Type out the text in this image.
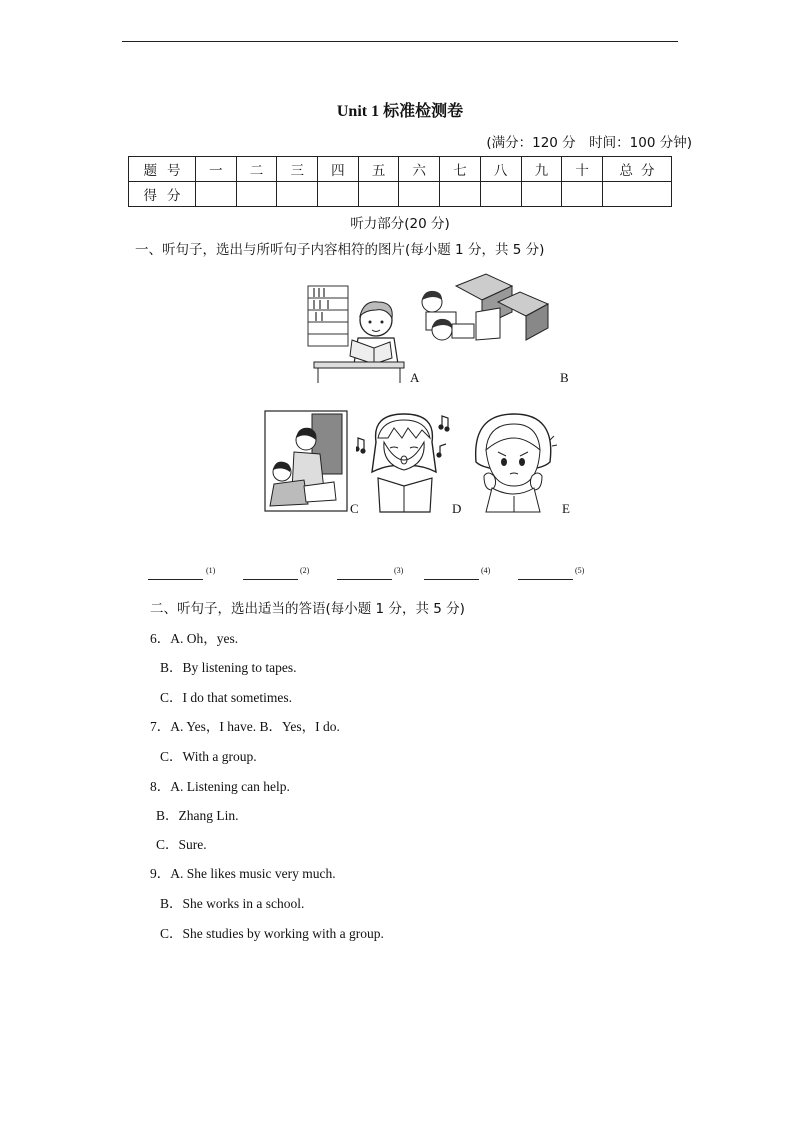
Unit 1 标准检测卷
(满分：120 分　时间：100 分钟)
题号	一	二	三	四	五	六	七	八	九	十	总分
得分											
听力部分(20 分)
一、听句子，选出与所听句子内容相符的图片(每小题 1 分，共 5 分)
A	B
C	D	E
(1)	(2)	(3)	(4)	(5)
二、听句子，选出适当的答语(每小题 1 分，共 5 分)
6．A. Oh，yes.
B．By listening to tapes.
C．I do that sometimes.
7．A. Yes，I have. B．Yes，I do.
C．With a group.
8．A. Listening can help.
B．Zhang Lin.
C．Sure.
9．A. She likes music very much.
B．She works in a school.
C．She studies by working with a group.
